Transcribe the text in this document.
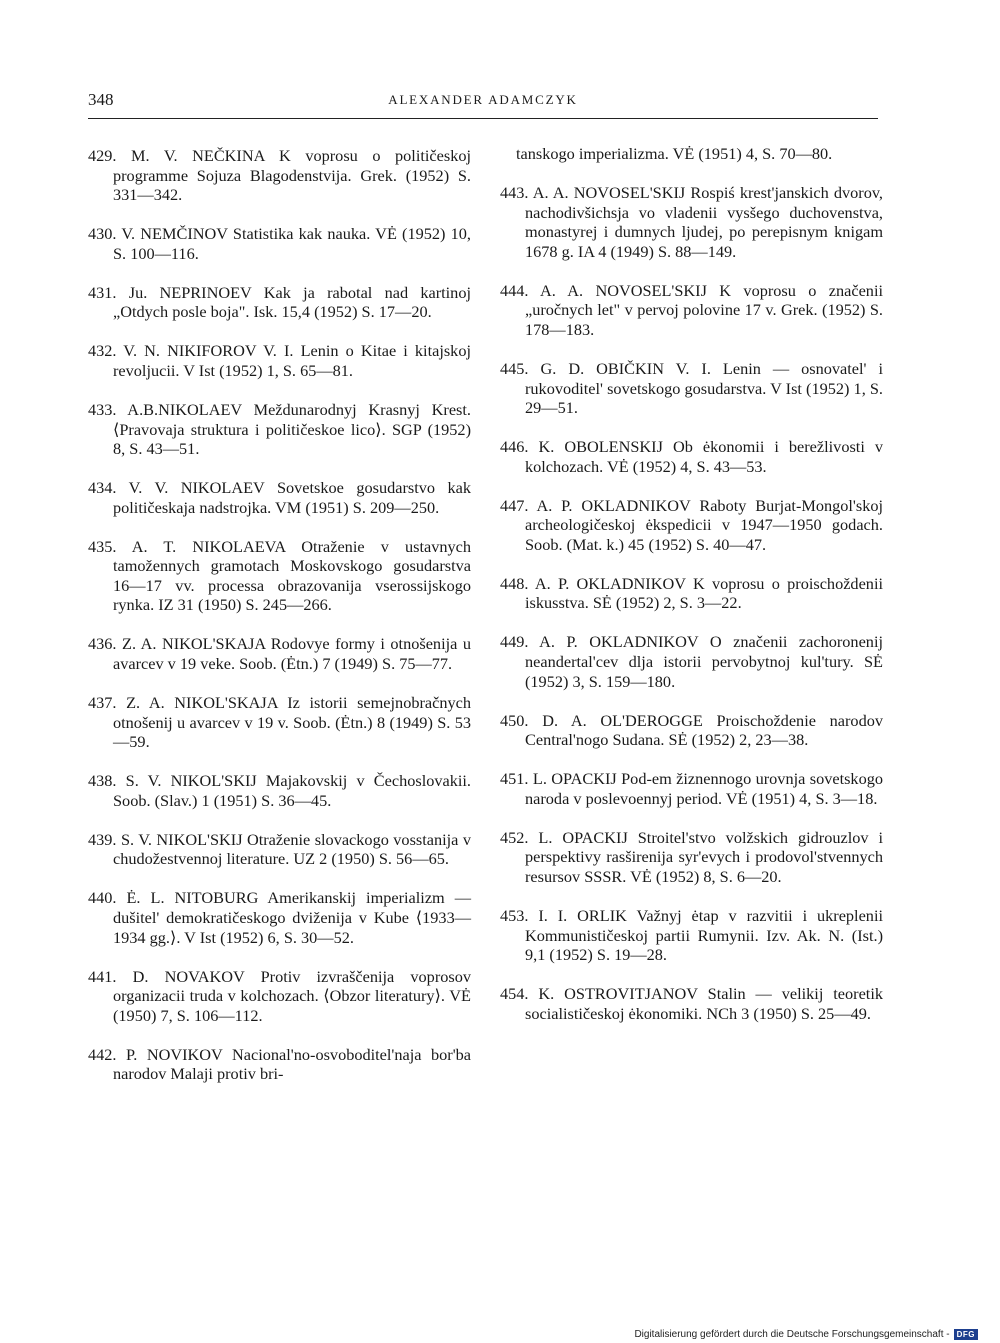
348	ALEXANDER ADAMCZYK

429. M. V. NEČKINA K voprosu o političeskoj programme Sojuza Blagodenstvija. Grek. (1952) S. 331—342.

430. V. NEMČINOV Statistika kak nauka. VĖ (1952) 10, S. 100—116.

431. Ju. NEPRINOEV Kak ja rabotal nad kartinoj „Otdych posle boja". Isk. 15,4 (1952) S. 17—20.

432. V. N. NIKIFOROV V. I. Lenin o Kitae i kitajskoj revoljucii. V Ist (1952) 1, S. 65—81.

433. A.B.NIKOLAEV Meždunarodnyj Krasnyj Krest. ⟨Pravovaja struktura i političeskoe lico⟩. SGP (1952) 8, S. 43—51.

434. V. V. NIKOLAEV Sovetskoe gosudarstvo kak političeskaja nadstrojka. VM (1951) S. 209—250.

435. A. T. NIKOLAEVA Otraženie v ustavnych tamožennych gramotach Moskovskogo gosudarstva 16—17 vv. processa obrazovanija vserossijskogo rynka. IZ 31 (1950) S. 245—266.

436. Z. A. NIKOL'SKAJA Rodovye formy i otnošenija u avarcev v 19 veke. Soob. (Ėtn.) 7 (1949) S. 75—77.

437. Z. A. NIKOL'SKAJA Iz istorii semejnobračnych otnošenij u avarcev v 19 v. Soob. (Ėtn.) 8 (1949) S. 53—59.

438. S. V. NIKOL'SKIJ Majakovskij v Čechoslovakii. Soob. (Slav.) 1 (1951) S. 36—45.

439. S. V. NIKOL'SKIJ Otraženie slovackogo vosstanija v chudožestvennoj literature. UZ 2 (1950) S. 56—65.

440. Ė. L. NITOBURG Amerikanskij imperializm — dušitel' demokratičeskogo dviženija v Kube ⟨1933—1934 gg.⟩. V Ist (1952) 6, S. 30—52.

441. D. NOVAKOV Protiv izvraščenija voprosov organizacii truda v kolchozach. ⟨Obzor literatury⟩. VĖ (1950) 7, S. 106—112.

442. P. NOVIKOV Nacional'no-osvoboditel'naja bor'ba narodov Malaji protiv bri-

tanskogo imperializma. VĖ (1951) 4, S. 70—80.

443. A. A. NOVOSEL'SKIJ Rospiś krest'janskich dvorov, nachodivšichsja vo vladenii vysšego duchovenstva, monastyrej i dumnych ljudej, po perepisnym knigam 1678 g. IA 4 (1949) S. 88—149.

444. A. A. NOVOSEL'SKIJ K voprosu o značenii „uročnych let" v pervoj polovine 17 v. Grek. (1952) S. 178—183.

445. G. D. OBIČKIN V. I. Lenin — osnovatel' i rukovoditel' sovetskogo gosudarstva. V Ist (1952) 1, S. 29—51.

446. K. OBOLENSKIJ Ob ėkonomii i berežlivosti v kolchozach. VĖ (1952) 4, S. 43—53.

447. A. P. OKLADNIKOV Raboty Burjat-Mongol'skoj archeologičeskoj ėkspedicii v 1947—1950 godach. Soob. (Mat. k.) 45 (1952) S. 40—47.

448. A. P. OKLADNIKOV K voprosu o proischoždenii iskusstva. SĖ (1952) 2, S. 3—22.

449. A. P. OKLADNIKOV O značenii zachoronenij neandertal'cev dlja istorii pervobytnoj kul'tury. SĖ (1952) 3, S. 159—180.

450. D. A. OL'DEROGGE Proischoždenie narodov Central'nogo Sudana. SĖ (1952) 2, 23—38.

451. L. OPACKIJ Pod-em žiznennogo urovnja sovetskogo naroda v poslevoennyj period. VĖ (1951) 4, S. 3—18.

452. L. OPACKIJ Stroitel'stvo volžskich gidrouzlov i perspektivy rasširenija syr'evych i prodovol'stvennych resursov SSSR. VĖ (1952) 8, S. 6—20.

453. I. I. ORLIK Važnyj ėtap v razvitii i ukreplenii Kommunističeskoj partii Rumynii. Izv. Ak. N. (Ist.) 9,1 (1952) S. 19—28.

454. K. OSTROVITJANOV Stalin — velikij teoretik socialističeskoj ėkonomiki. NCh 3 (1950) S. 25—49.

Digitalisierung gefördert durch die Deutsche Forschungsgemeinschaft - DFG
